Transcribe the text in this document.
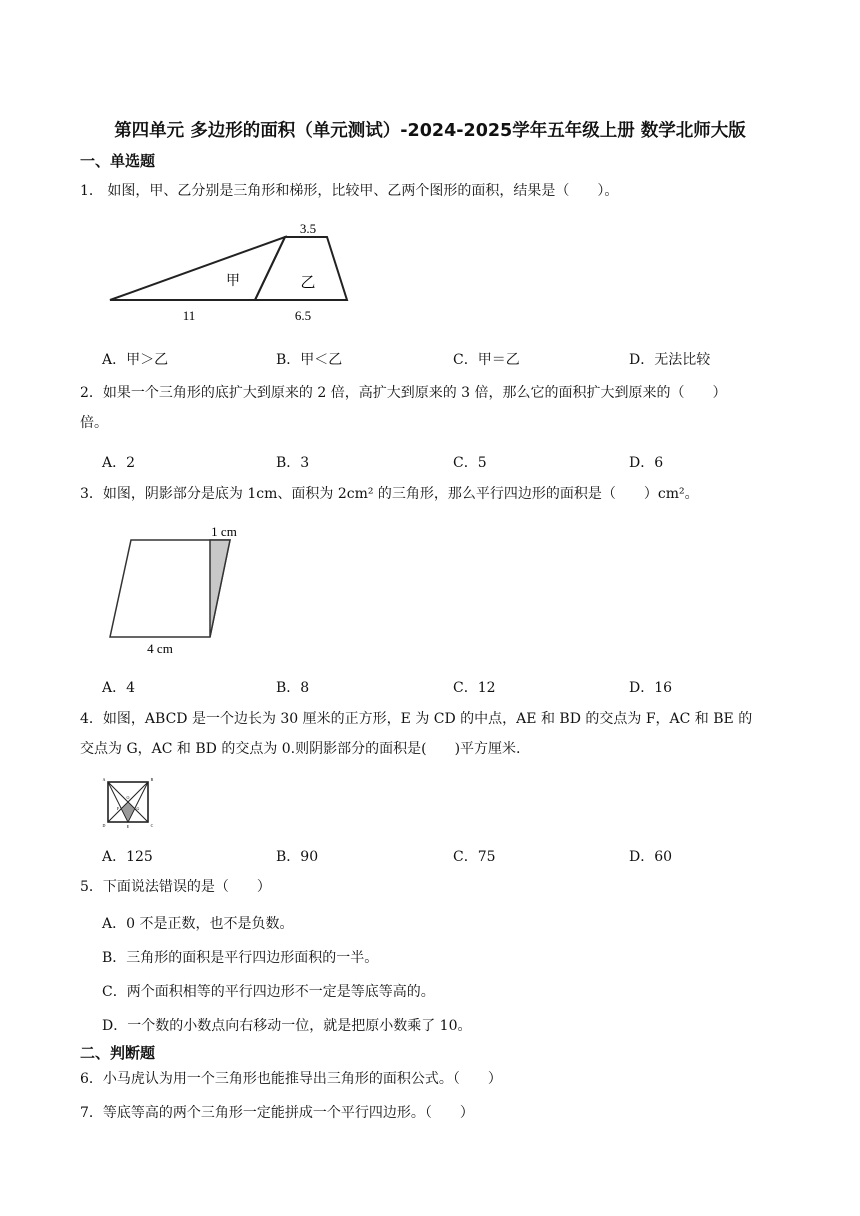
第四单元 多边形的面积（单元测试）-2024-2025学年五年级上册 数学北师大版
一、单选题
1． 如图，甲、乙分别是三角形和梯形，比较甲、乙两个图形的面积，结果是（　　）。
3.5
甲	乙
11	6.5
A．甲＞乙	B．甲＜乙	C．甲＝乙	D．无法比较
2．如果一个三角形的底扩大到原来的 2 倍，高扩大到原来的 3 倍，那么它的面积扩大到原来的（　　）
倍。
A．2	B．3	C．5	D．6
3．如图，阴影部分是底为 1cm、面积为 2cm² 的三角形，那么平行四边形的面积是（　　）cm²。
1 cm
4 cm
A．4	B．8	C．12	D．16
4．如图，ABCD 是一个边长为 30 厘米的正方形，E 为 CD 的中点，AE 和 BD 的交点为 F，AC 和 BE 的
交点为 G，AC 和 BD 的交点为 0.则阴影部分的面积是(　　)平方厘米.
A	B
C
D	E
F	G
O
A．125	B．90	C．75	D．60
5．下面说法错误的是（　　）
A．0 不是正数，也不是负数。
B．三角形的面积是平行四边形面积的一半。
C．两个面积相等的平行四边形不一定是等底等高的。
D．一个数的小数点向右移动一位，就是把原小数乘了 10。
二、判断题
6．小马虎认为用一个三角形也能推导出三角形的面积公式。（　　）
7．等底等高的两个三角形一定能拼成一个平行四边形。（　　）
